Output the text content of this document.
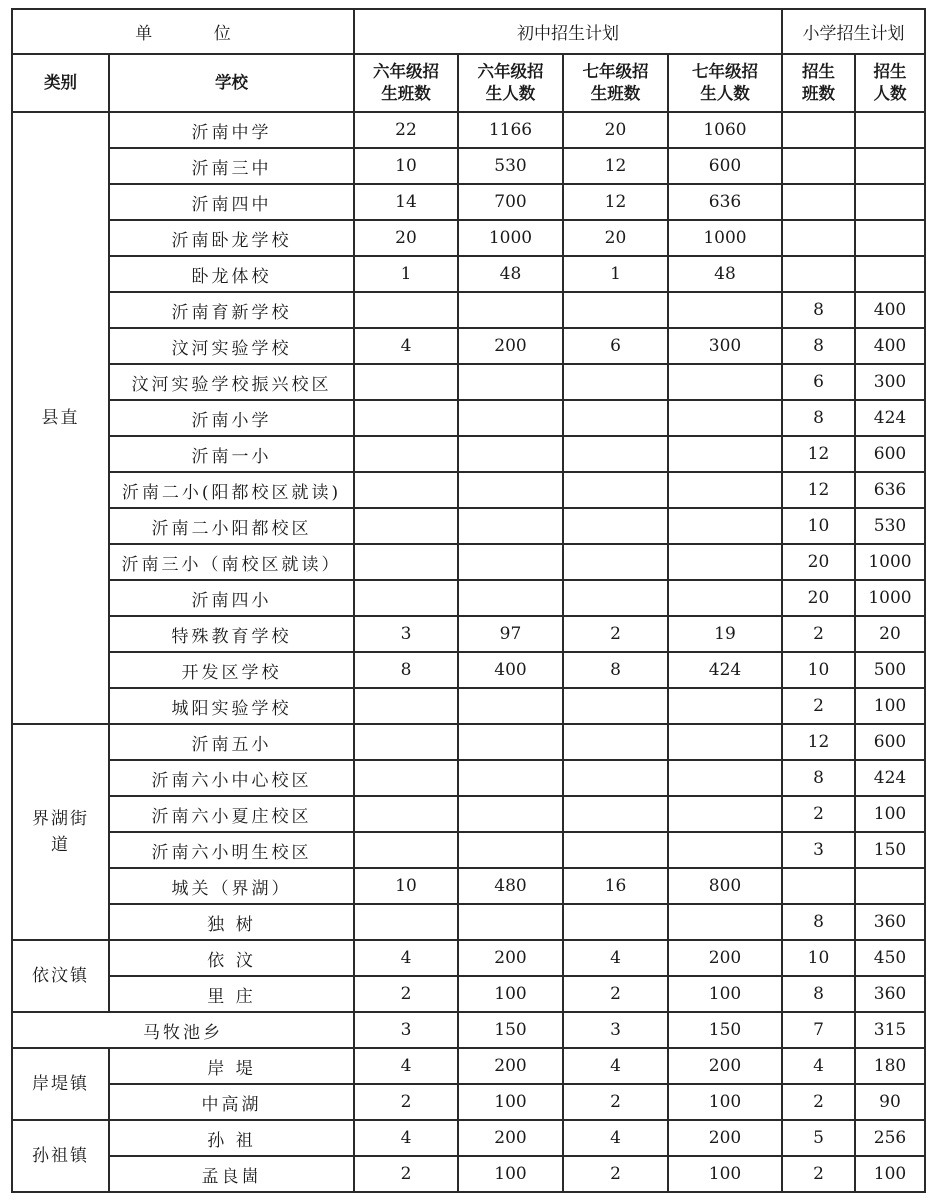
单 位		初中招生计划				小学招生计划	
类别	学校	六年级招生班数	六年级招生人数	七年级招生班数	七年级招生人数	招生班数	招生人数
县直	沂南中学	22	1166	20	1060		
	沂南三中	10	530	12	600		
	沂南四中	14	700	12	636		
	沂南卧龙学校	20	1000	20	1000		
	卧龙体校	1	48	1	48		
	沂南育新学校					8	400
	汶河实验学校	4	200	6	300	8	400
	汶河实验学校振兴校区					6	300
	沂南小学					8	424
	沂南一小					12	600
	沂南二小(阳都校区就读)					12	636
	沂南二小阳都校区					10	530
	沂南三小（南校区就读）					20	1000
	沂南四小					20	1000
	特殊教育学校	3	97	2	19	2	20
	开发区学校	8	400	8	424	10	500
	城阳实验学校					2	100
界湖街道	沂南五小					12	600
	沂南六小中心校区					8	424
	沂南六小夏庄校区					2	100
	沂南六小明生校区					3	150
	城关（界湖）	10	480	16	800		
	独 树					8	360
依汶镇	依 汶	4	200	4	200	10	450
	里 庄	2	100	2	100	8	360
马牧池乡		3	150	3	150	7	315
岸堤镇	岸 堤	4	200	4	200	4	180
	中高湖	2	100	2	100	2	90
孙祖镇	孙 祖	4	200	4	200	5	256
	孟良崮	2	100	2	100	2	100
